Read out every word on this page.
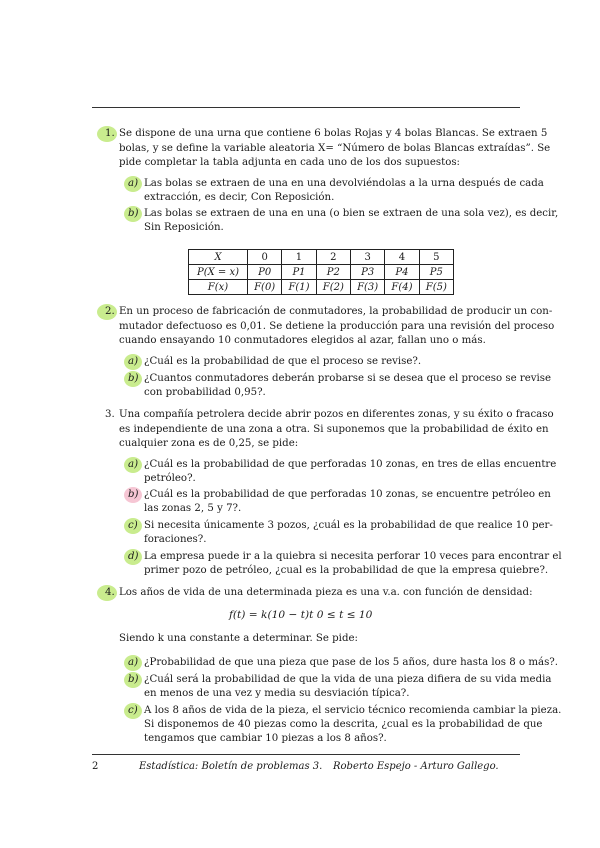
1. Se dispone de una urna que contiene 6 bolas Rojas y 4 bolas Blancas. Se extraen 5
bolas, y se define la variable aleatoria X= “Número de bolas Blancas extraídas”. Se
pide completar la tabla adjunta en cada uno de los dos supuestos:
a) Las bolas se extraen de una en una devolviéndolas a la urna después de cada
extracción, es decir, Con Reposición.
b) Las bolas se extraen de una en una (o bien se extraen de una sola vez), es decir,
Sin Reposición.
X	0	1	2	3	4	5
P(X = x)	P0	P1	P2	P3	P4	P5
F(x)	F(0)	F(1)	F(2)	F(3)	F(4)	F(5)
2. En un proceso de fabricación de conmutadores, la probabilidad de producir un con-
mutador defectuoso es 0,01. Se detiene la producción para una revisión del proceso
cuando ensayando 10 conmutadores elegidos al azar, fallan uno o más.
a) ¿Cuál es la probabilidad de que el proceso se revise?.
b) ¿Cuantos conmutadores deberán probarse si se desea que el proceso se revise
con probabilidad 0,95?.
3. Una compañía petrolera decide abrir pozos en diferentes zonas, y su éxito o fracaso
es independiente de una zona a otra. Si suponemos que la probabilidad de éxito en
cualquier zona es de 0,25, se pide:
a) ¿Cuál es la probabilidad de que perforadas 10 zonas, en tres de ellas encuentre
petróleo?.
b) ¿Cuál es la probabilidad de que perforadas 10 zonas, se encuentre petróleo en
las zonas 2, 5 y 7?.
c) Si necesita únicamente 3 pozos, ¿cuál es la probabilidad de que realice 10 per-
foraciones?.
d) La empresa puede ir a la quiebra si necesita perforar 10 veces para encontrar el
primer pozo de petróleo, ¿cual es la probabilidad de que la empresa quiebre?.
4. Los años de vida de una determinada pieza es una v.a. con función de densidad:
f(t) = k(10 − t)t 0 ≤ t ≤ 10
Siendo k una constante a determinar. Se pide:
a) ¿Probabilidad de que una pieza que pase de los 5 años, dure hasta los 8 o más?.
b) ¿Cuál será la probabilidad de que la vida de una pieza difiera de su vida media
en menos de una vez y media su desviación típica?.
c) A los 8 años de vida de la pieza, el servicio técnico recomienda cambiar la pieza.
Si disponemos de 40 piezas como la descrita, ¿cual es la probabilidad de que
tengamos que cambiar 10 piezas a los 8 años?.
2	Estadística: Boletín de problemas 3. Roberto Espejo - Arturo Gallego.
